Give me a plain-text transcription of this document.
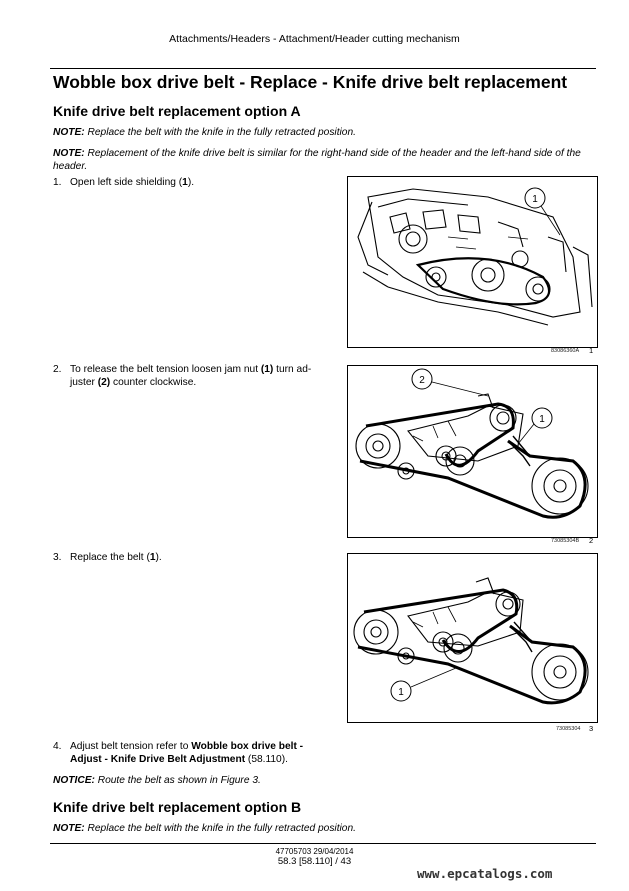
Attachments/Headers - Attachment/Header cutting mechanism
Wobble box drive belt - Replace - Knife drive belt replacement
Knife drive belt replacement option A
NOTE: Replace the belt with the knife in the fully retracted position.
NOTE: Replacement of the knife drive belt is similar for the right-hand side of the header and the left-hand side of the header.
1. Open left side shielding (1).
1
83086360A 1
2. To release the belt tension loosen jam nut (1) turn ad-
juster (2) counter clockwise.	2
1
73085304B 2
3. Replace the belt (1).
1
73085304 3
4. Adjust belt tension refer to Wobble box drive belt -
Adjust - Knife Drive Belt Adjustment (58.110).
NOTICE: Route the belt as shown in Figure 3.
Knife drive belt replacement option B
NOTE: Replace the belt with the knife in the fully retracted position.
47705703 29/04/2014
58.3 [58.110] / 43
www.epcatalogs.com
